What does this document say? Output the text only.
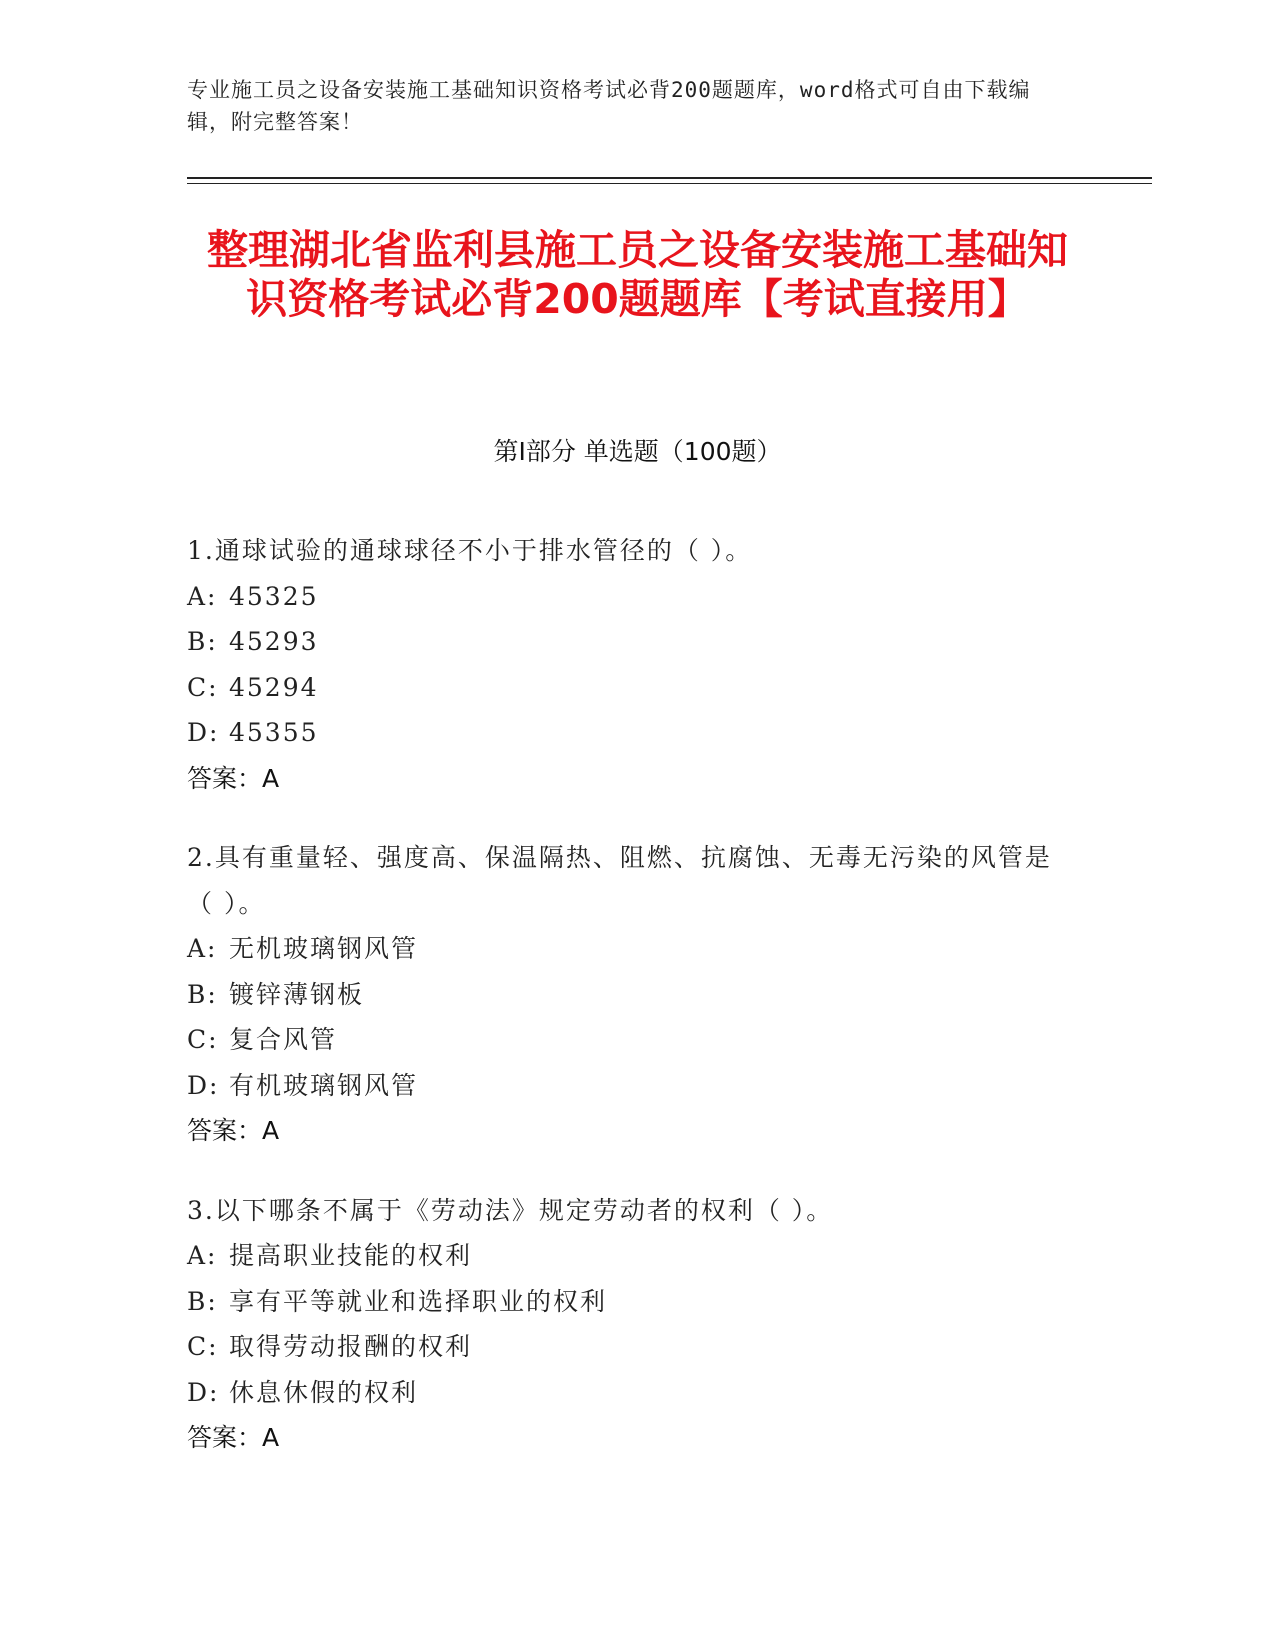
专业施工员之设备安装施工基础知识资格考试必背200题题库，word格式可自由下载编辑，附完整答案！
整理湖北省监利县施工员之设备安装施工基础知识资格考试必背200题题库【考试直接用】
第Ⅰ部分 单选题（100题）
1.通球试验的通球球径不小于排水管径的（ ）。
A: 45325
B: 45293
C: 45294
D: 45355
答案：A
2.具有重量轻、强度高、保温隔热、阻燃、抗腐蚀、无毒无污染的风管是（ ）。
A: 无机玻璃钢风管
B: 镀锌薄钢板
C: 复合风管
D: 有机玻璃钢风管
答案：A
3.以下哪条不属于《劳动法》规定劳动者的权利（ ）。
A: 提高职业技能的权利
B: 享有平等就业和选择职业的权利
C: 取得劳动报酬的权利
D: 休息休假的权利
答案：A
